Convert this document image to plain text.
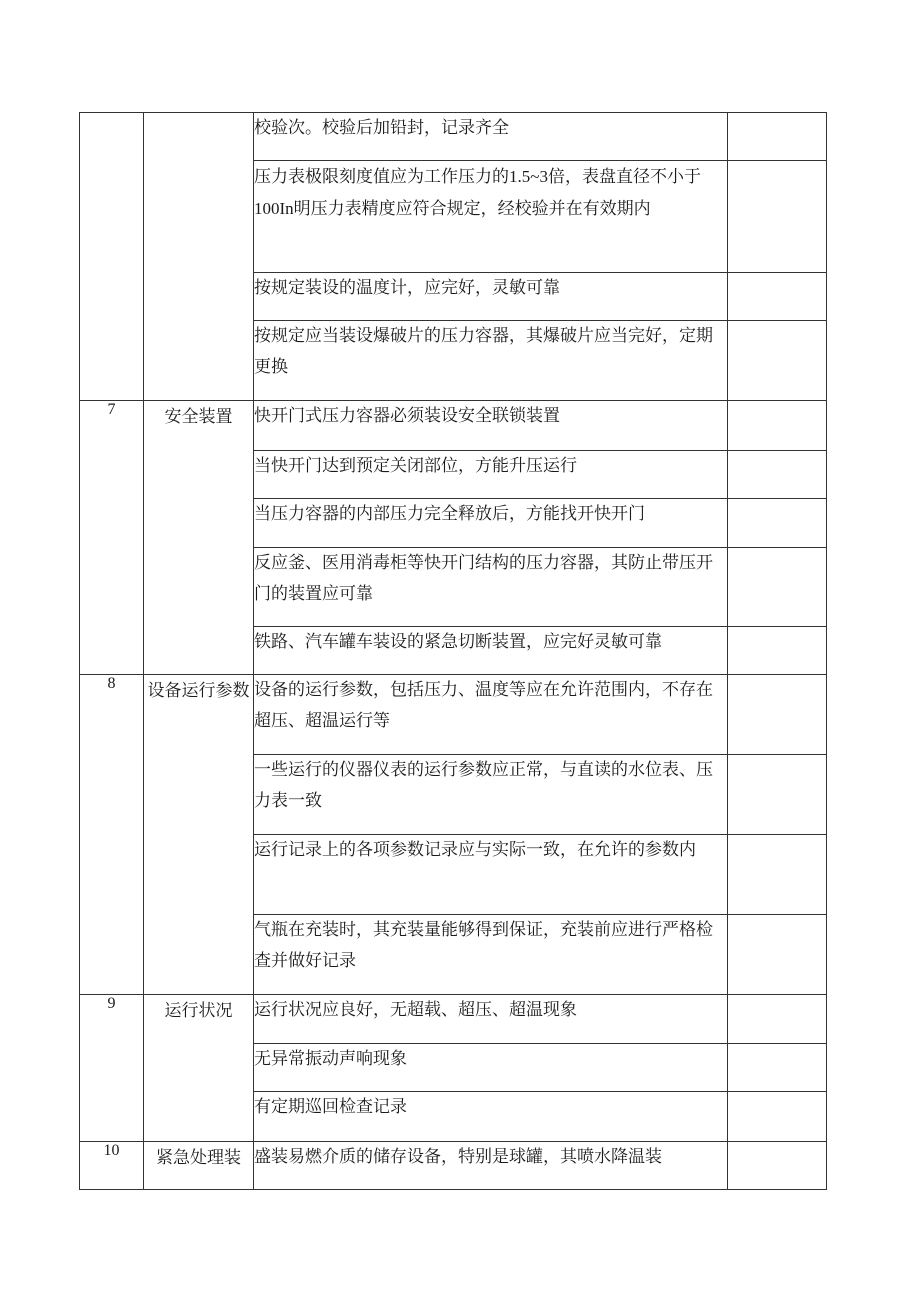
		校验次。校验后加铅封，记录齐全	
		压力表极限刻度值应为工作压力的1.5~3倍，表盘直径不小于100In明压力表精度应符合规定，经校验并在有效期内	
		按规定装设的温度计，应完好，灵敏可靠	
		按规定应当装设爆破片的压力容器，其爆破片应当完好，定期更换	
7	安全装置	快开门式压力容器必须装设安全联锁装置	
		当快开门达到预定关闭部位，方能升压运行	
		当压力容器的内部压力完全释放后，方能找开快开门	
		反应釜、医用消毒柜等快开门结构的压力容器，其防止带压开门的装置应可靠	
		铁路、汽车罐车装设的紧急切断装置，应完好灵敏可靠	
8	设备运行参数	设备的运行参数，包括压力、温度等应在允许范围内，不存在超压、超温运行等	
		一些运行的仪器仪表的运行参数应正常，与直读的水位表、压力表一致	
		运行记录上的各项参数记录应与实际一致，在允许的参数内	
		气瓶在充装时，其充装量能够得到保证，充装前应进行严格检查并做好记录	
9	运行状况	运行状况应良好，无超载、超压、超温现象	
		无异常振动声响现象	
		有定期巡回检查记录	
10	紧急处理装	盛装易燃介质的储存设备，特别是球罐，其喷水降温装	
